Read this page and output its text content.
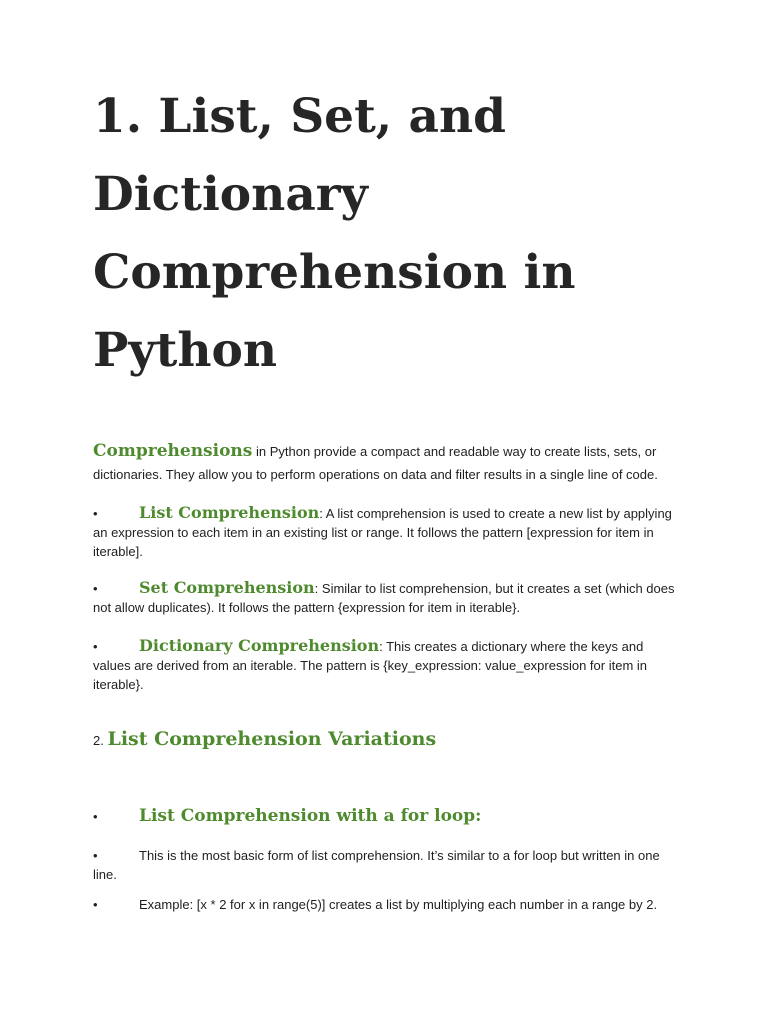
1. List, Set, and
Dictionary
Comprehension in
Python

Comprehensions in Python provide a compact and readable way to create lists, sets, or dictionaries. They allow you to perform operations on data and filter results in a single line of code.

•	List Comprehension: A list comprehension is used to create a new list by applying an expression to each item in an existing list or range. It follows the pattern [expression for item in iterable].

•	Set Comprehension: Similar to list comprehension, but it creates a set (which does not allow duplicates). It follows the pattern {expression for item in iterable}.

•	Dictionary Comprehension: This creates a dictionary where the keys and values are derived from an iterable. The pattern is {key_expression: value_expression for item in iterable}.

2. List Comprehension Variations
• List Comprehension with a for loop:

•	This is the most basic form of list comprehension. It’s similar to a for loop but written in one line.

•	Example: [x * 2 for x in range(5)] creates a list by multiplying each number in a range by 2.
